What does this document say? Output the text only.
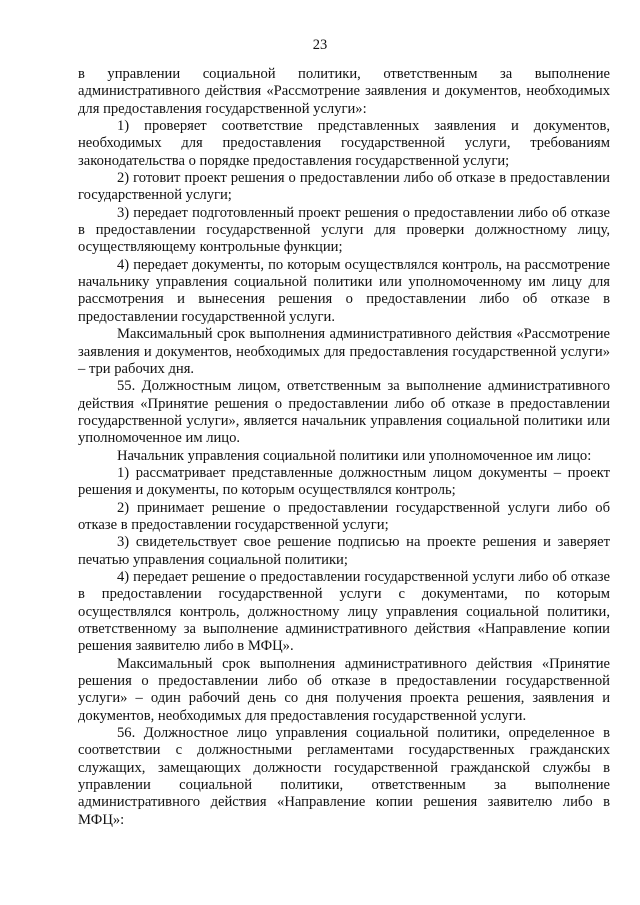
23

в управлении социальной политики, ответственным за выполнение административного действия «Рассмотрение заявления и документов, необходимых для предоставления государственной услуги»:

1) проверяет соответствие представленных заявления и документов, необходимых для предоставления государственной услуги, требованиям законодательства о порядке предоставления государственной услуги;

2) готовит проект решения о предоставлении либо об отказе в предоставлении государственной услуги;

3) передает подготовленный проект решения о предоставлении либо об отказе в предоставлении государственной услуги для проверки должностному лицу, осуществляющему контрольные функции;

4) передает документы, по которым осуществлялся контроль, на рассмотрение начальнику управления социальной политики или уполномоченному им лицу для рассмотрения и вынесения решения о предоставлении либо об отказе в предоставлении государственной услуги.

Максимальный срок выполнения административного действия «Рассмотрение заявления и документов, необходимых для предоставления государственной услуги» – три рабочих дня.

55. Должностным лицом, ответственным за выполнение административного действия «Принятие решения о предоставлении либо об отказе в предоставлении государственной услуги», является начальник управления социальной политики или уполномоченное им лицо.

Начальник управления социальной политики или уполномоченное им лицо:

1) рассматривает представленные должностным лицом документы – проект решения и документы, по которым осуществлялся контроль;

2) принимает решение о предоставлении государственной услуги либо об отказе в предоставлении государственной услуги;

3) свидетельствует свое решение подписью на проекте решения и заверяет печатью управления социальной политики;

4) передает решение о предоставлении государственной услуги либо об отказе в предоставлении государственной услуги с документами, по которым осуществлялся контроль, должностному лицу управления социальной политики, ответственному за выполнение административного действия «Направление копии решения заявителю либо в МФЦ».

Максимальный срок выполнения административного действия «Принятие решения о предоставлении либо об отказе в предоставлении государственной услуги» – один рабочий день со дня получения проекта решения, заявления и документов, необходимых для предоставления государственной услуги.

56. Должностное лицо управления социальной политики, определенное в соответствии с должностными регламентами государственных гражданских служащих, замещающих должности государственной гражданской службы в управлении социальной политики, ответственным за выполнение административного действия «Направление копии решения заявителю либо в МФЦ»:
